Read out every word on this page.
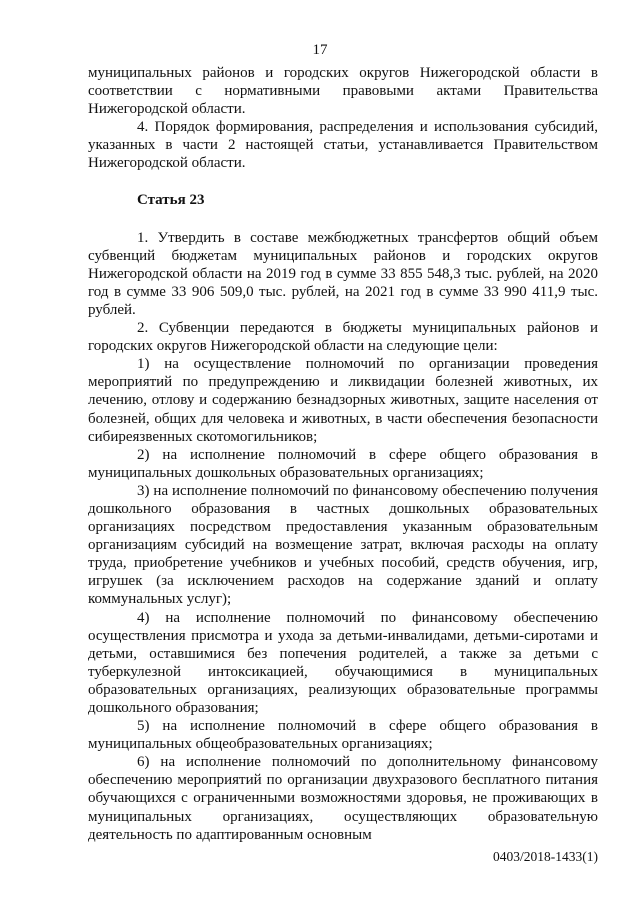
17

муниципальных районов и городских округов Нижегородской области в соответствии с нормативными правовыми актами Правительства Нижегородской области.

4. Порядок формирования, распределения и использования субсидий, указанных в части 2 настоящей статьи, устанавливается Правительством Нижегородской области.

Статья 23

1. Утвердить в составе межбюджетных трансфертов общий объем субвенций бюджетам муниципальных районов и городских округов Нижегородской области на 2019 год в сумме 33 855 548,3 тыс. рублей, на 2020 год в сумме 33 906 509,0 тыс. рублей, на 2021 год в сумме 33 990 411,9 тыс. рублей.

2. Субвенции передаются в бюджеты муниципальных районов и городских округов Нижегородской области на следующие цели:

1) на осуществление полномочий по организации проведения мероприятий по предупреждению и ликвидации болезней животных, их лечению, отлову и содержанию безнадзорных животных, защите населения от болезней, общих для человека и животных, в части обеспечения безопасности сибиреязвенных скотомогильников;

2) на исполнение полномочий в сфере общего образования в муниципальных дошкольных образовательных организациях;

3) на исполнение полномочий по финансовому обеспечению получения дошкольного образования в частных дошкольных образовательных организациях посредством предоставления указанным образовательным организациям субсидий на возмещение затрат, включая расходы на оплату труда, приобретение учебников и учебных пособий, средств обучения, игр, игрушек (за исключением расходов на содержание зданий и оплату коммунальных услуг);

4) на исполнение полномочий по финансовому обеспечению осуществления присмотра и ухода за детьми-инвалидами, детьми-сиротами и детьми, оставшимися без попечения родителей, а также за детьми с туберкулезной интоксикацией, обучающимися в муниципальных образовательных организациях, реализующих образовательные программы дошкольного образования;

5) на исполнение полномочий в сфере общего образования в муниципальных общеобразовательных организациях;

6) на исполнение полномочий по дополнительному финансовому обеспечению мероприятий по организации двухразового бесплатного питания обучающихся с ограниченными возможностями здоровья, не проживающих в муниципальных организациях, осуществляющих образовательную деятельность по адаптированным основным

0403/2018-1433(1)
